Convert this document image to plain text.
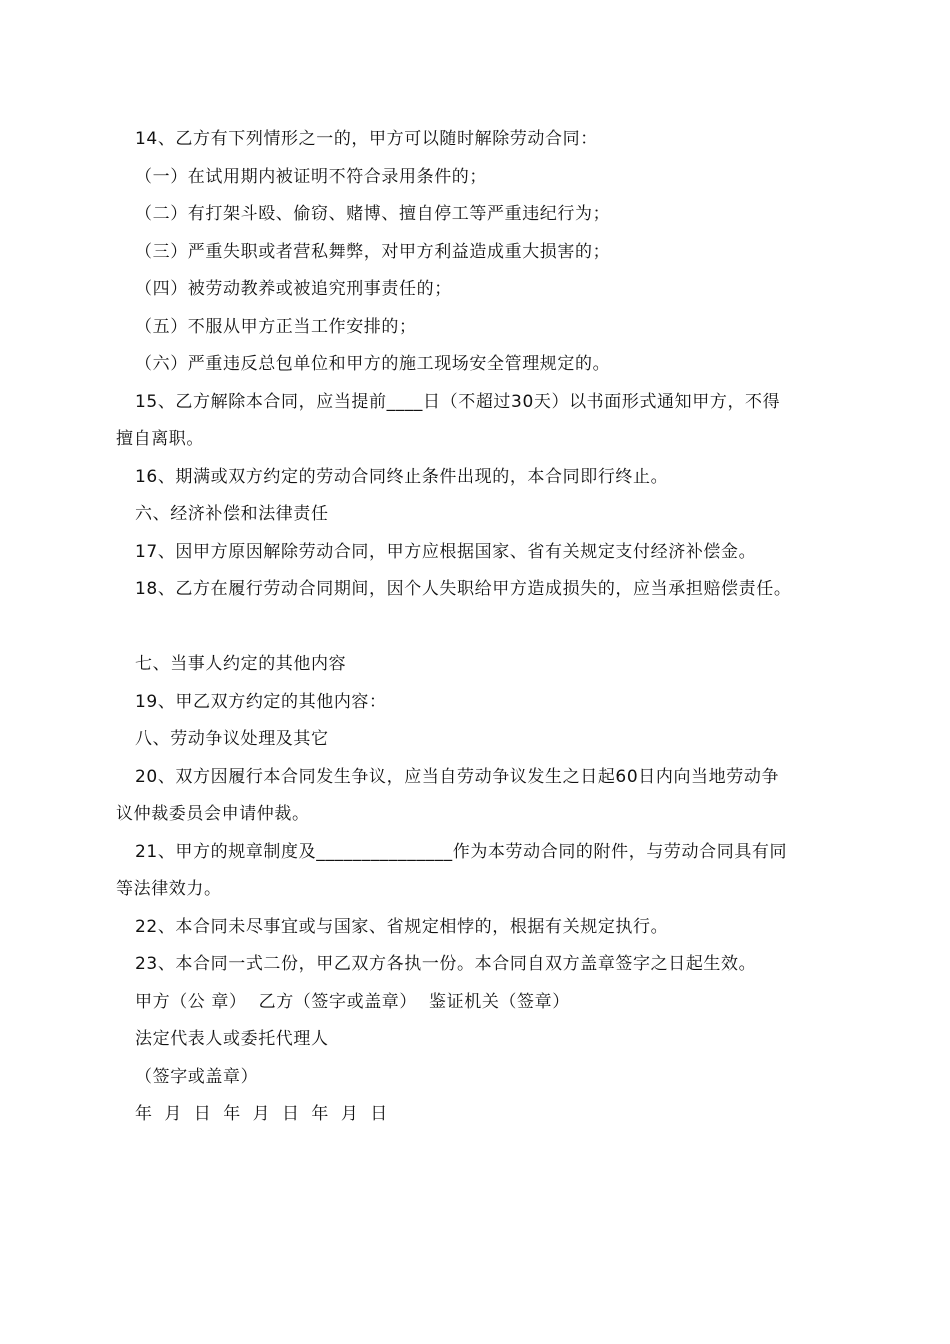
14、乙方有下列情形之一的，甲方可以随时解除劳动合同：
（一）在试用期内被证明不符合录用条件的；
（二）有打架斗殴、偷窃、赌博、擅自停工等严重违纪行为；
（三）严重失职或者营私舞弊，对甲方利益造成重大损害的；
（四）被劳动教养或被追究刑事责任的；
（五）不服从甲方正当工作安排的；
（六）严重违反总包单位和甲方的施工现场安全管理规定的。
15、乙方解除本合同，应当提前____日（不超过30天）以书面形式通知甲方，不得
擅自离职。
16、期满或双方约定的劳动合同终止条件出现的，本合同即行终止。
六、经济补偿和法律责任
17、因甲方原因解除劳动合同，甲方应根据国家、省有关规定支付经济补偿金。
18、乙方在履行劳动合同期间，因个人失职给甲方造成损失的，应当承担赔偿责任。
七、当事人约定的其他内容
19、甲乙双方约定的其他内容：
八、劳动争议处理及其它
20、双方因履行本合同发生争议，应当自劳动争议发生之日起60日内向当地劳动争
议仲裁委员会申请仲裁。
21、甲方的规章制度及_______________作为本劳动合同的附件，与劳动合同具有同
等法律效力。
22、本合同未尽事宜或与国家、省规定相悖的，根据有关规定执行。
23、本合同一式二份，甲乙双方各执一份。本合同自双方盖章签字之日起生效。
甲方（公 章）  乙方（签字或盖章）  鉴证机关（签章）
法定代表人或委托代理人
（签字或盖章）
年 月 日 年 月 日 年 月 日
